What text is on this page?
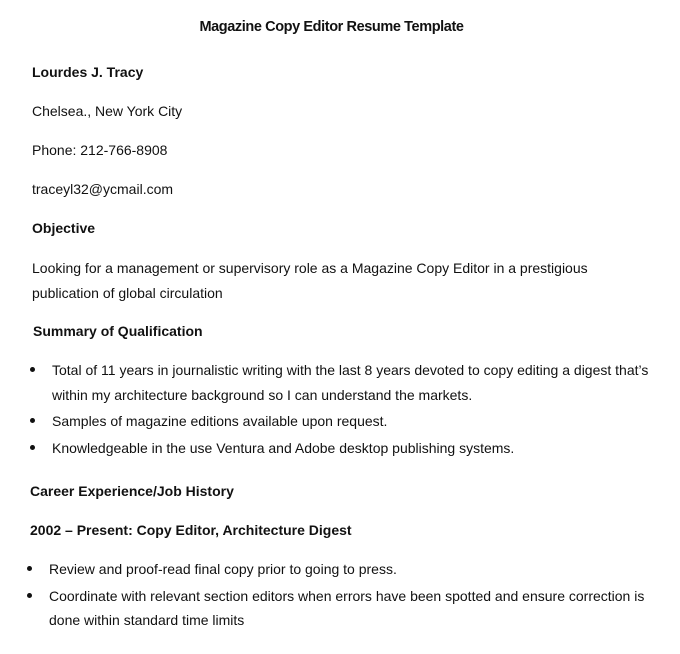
Magazine Copy Editor Resume Template
Lourdes J. Tracy
Chelsea., New York City
Phone: 212-766-8908
traceyl32@ycmail.com
Objective
Looking for a management or supervisory role as a Magazine Copy Editor in a prestigious publication of global circulation
Summary of Qualification
Total of 11 years in journalistic writing with the last 8 years devoted to copy editing a digest that’s within my architecture background so I can understand the markets.
Samples of magazine editions available upon request.
Knowledgeable in the use Ventura and Adobe desktop publishing systems.
Career Experience/Job History
2002 – Present: Copy Editor, Architecture Digest
Review and proof-read final copy prior to going to press.
Coordinate with relevant section editors when errors have been spotted and ensure correction is done within standard time limits
